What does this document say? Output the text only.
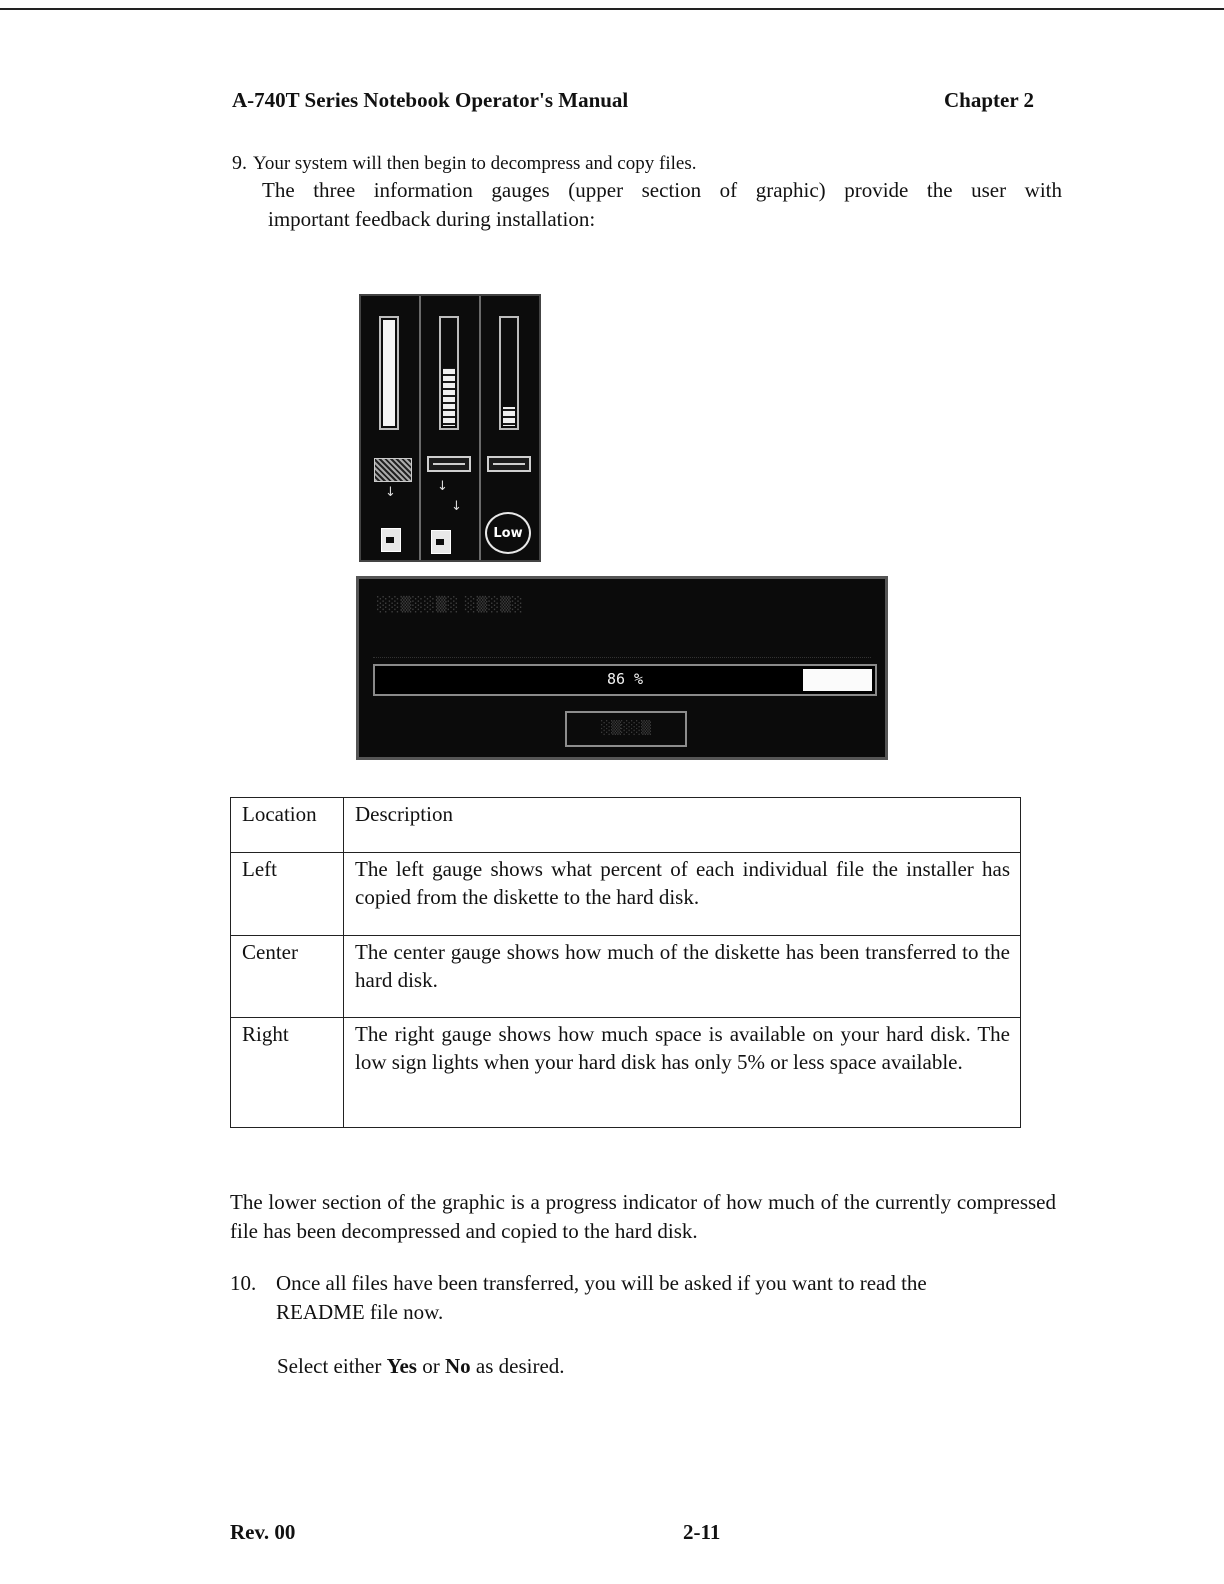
A-740T Series Notebook Operator's Manual	Chapter 2
9. Your system will then begin to decompress and copy files.
The three information gauges (upper section of graphic) provide the user with
important feedback during installation:
↓	↓
↓
Low
░░▒░░▒░ ░▒░▒░
86 %
░▒░░▒
Location	Description
Left	The left gauge shows what percent of each individual file the installer has copied from the diskette to the hard disk.
Center	The center gauge shows how much of the diskette has been transferred to the hard disk.
Right	The right gauge shows how much space is available on your hard disk. The low sign lights when your hard disk has only 5% or less space available.
The lower section of the graphic is a progress indicator of how much of the currently compressed file has been decompressed and copied to the hard disk.
10. Once all files have been transferred, you will be asked if you want to read the
README file now.
Select either Yes or No as desired.
Rev. 00	2-11
